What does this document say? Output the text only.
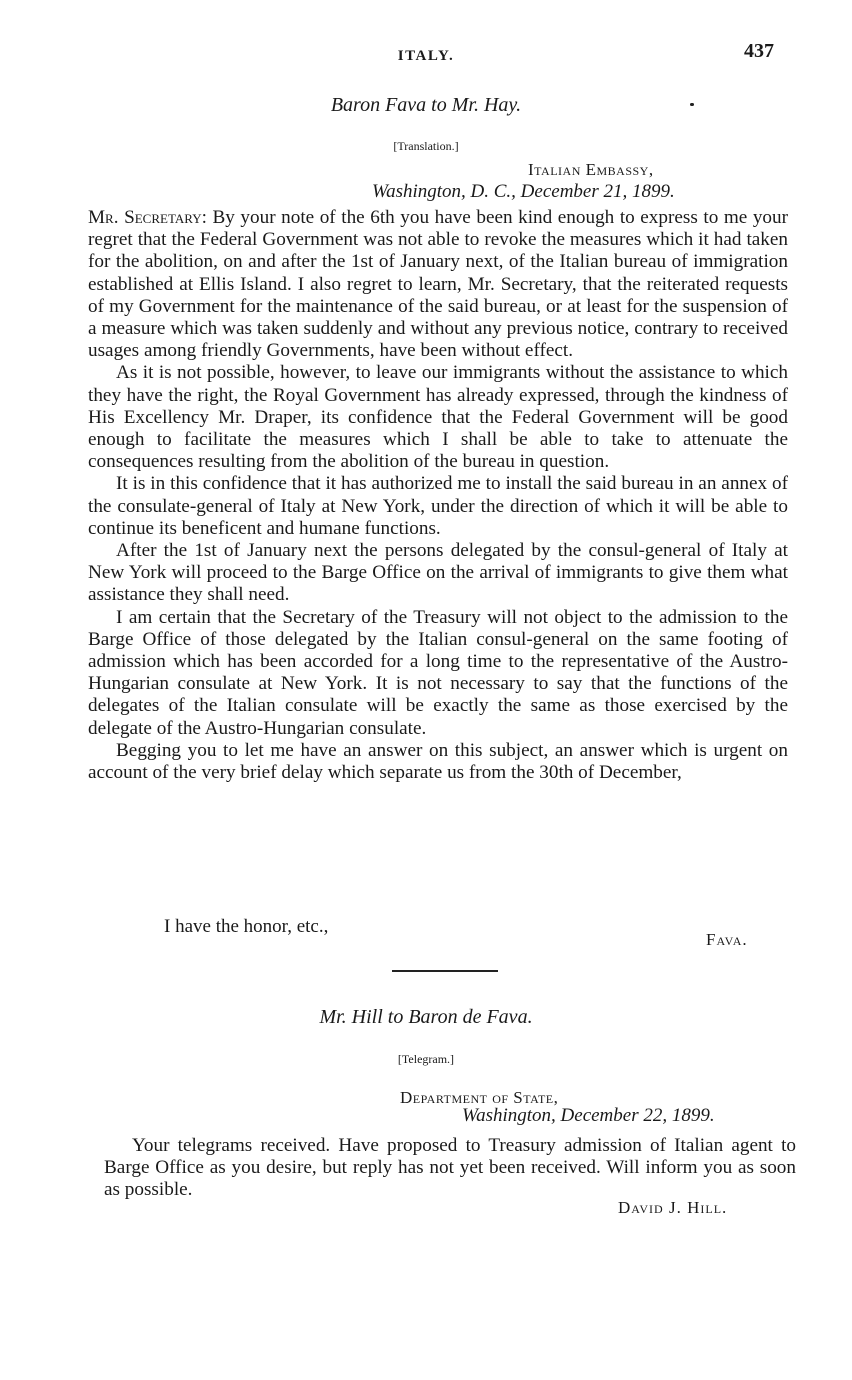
ITALY.	437
Baron Fava to Mr. Hay.
[Translation.]
Italian Embassy,
Washington, D. C., December 21, 1899.

Mr. Secretary: By your note of the 6th you have been kind enough to express to me your regret that the Federal Government was not able to revoke the measures which it had taken for the abolition, on and after the 1st of January next, of the Italian bureau of immigration established at Ellis Island. I also regret to learn, Mr. Secretary, that the reiterated requests of my Government for the maintenance of the said bureau, or at least for the suspension of a measure which was taken suddenly and without any previous notice, contrary to received usages among friendly Governments, have been without effect.

As it is not possible, however, to leave our immigrants without the assistance to which they have the right, the Royal Government has already expressed, through the kindness of His Excellency Mr. Draper, its confidence that the Federal Government will be good enough to facilitate the measures which I shall be able to take to attenuate the consequences resulting from the abolition of the bureau in question.

It is in this confidence that it has authorized me to install the said bureau in an annex of the consulate-general of Italy at New York, under the direction of which it will be able to continue its beneficent and humane functions.

After the 1st of January next the persons delegated by the consul-general of Italy at New York will proceed to the Barge Office on the arrival of immigrants to give them what assistance they shall need.

I am certain that the Secretary of the Treasury will not object to the admission to the Barge Office of those delegated by the Italian consul-general on the same footing of admission which has been accorded for a long time to the representative of the Austro-Hungarian consulate at New York. It is not necessary to say that the functions of the delegates of the Italian consulate will be exactly the same as those exercised by the delegate of the Austro-Hungarian consulate.

Begging you to let me have an answer on this subject, an answer which is urgent on account of the very brief delay which separate us from the 30th of December,

I have the honor, etc.,
Fava.
Mr. Hill to Baron de Fava.
[Telegram.]
Department of State,
Washington, December 22, 1899.

Your telegrams received. Have proposed to Treasury admission of Italian agent to Barge Office as you desire, but reply has not yet been received. Will inform you as soon as possible.

David J. Hill.
